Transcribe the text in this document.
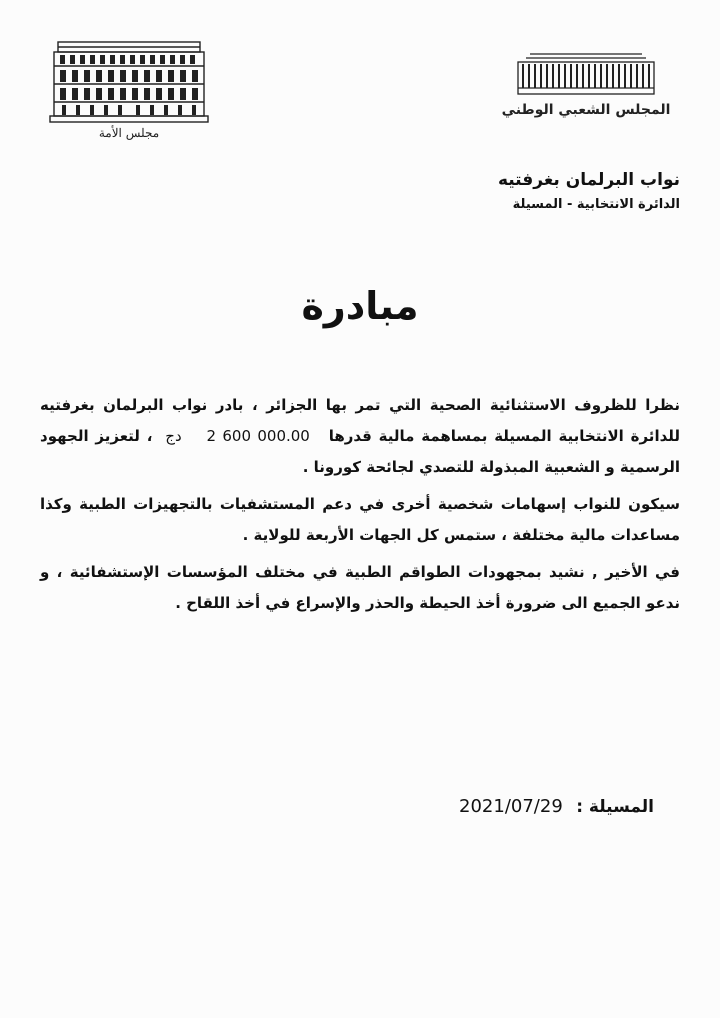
مجلس الأمة
المجلس الشعبي الوطني
نواب البرلمان بغرفتيه
الدائرة الانتخابية - المسيلة
مبادرة

نظرا للظروف الاستثنائية الصحية التي تمر بها الجزائر ، بادر نواب البرلمان بغرفتيه للدائرة الانتخابية المسيلة بمساهمة مالية قدرها 2 600 000.00 دج ، لتعزيز الجهود الرسمية و الشعبية المبذولة للتصدي لجائحة كورونا .

سيكون للنواب إسهامات شخصية أخرى في دعم المستشفيات بالتجهيزات الطبية وكذا مساعدات مالية مختلفة ، ستمس كل الجهات الأربعة للولاية .

في الأخير , نشيد بمجهودات الطواقم الطبية في مختلف المؤسسات الإستشفائية ، و ندعو الجميع الى ضرورة أخذ الحيطة والحذر والإسراع في أخذ اللقاح .

المسيلة : 2021/07/29
